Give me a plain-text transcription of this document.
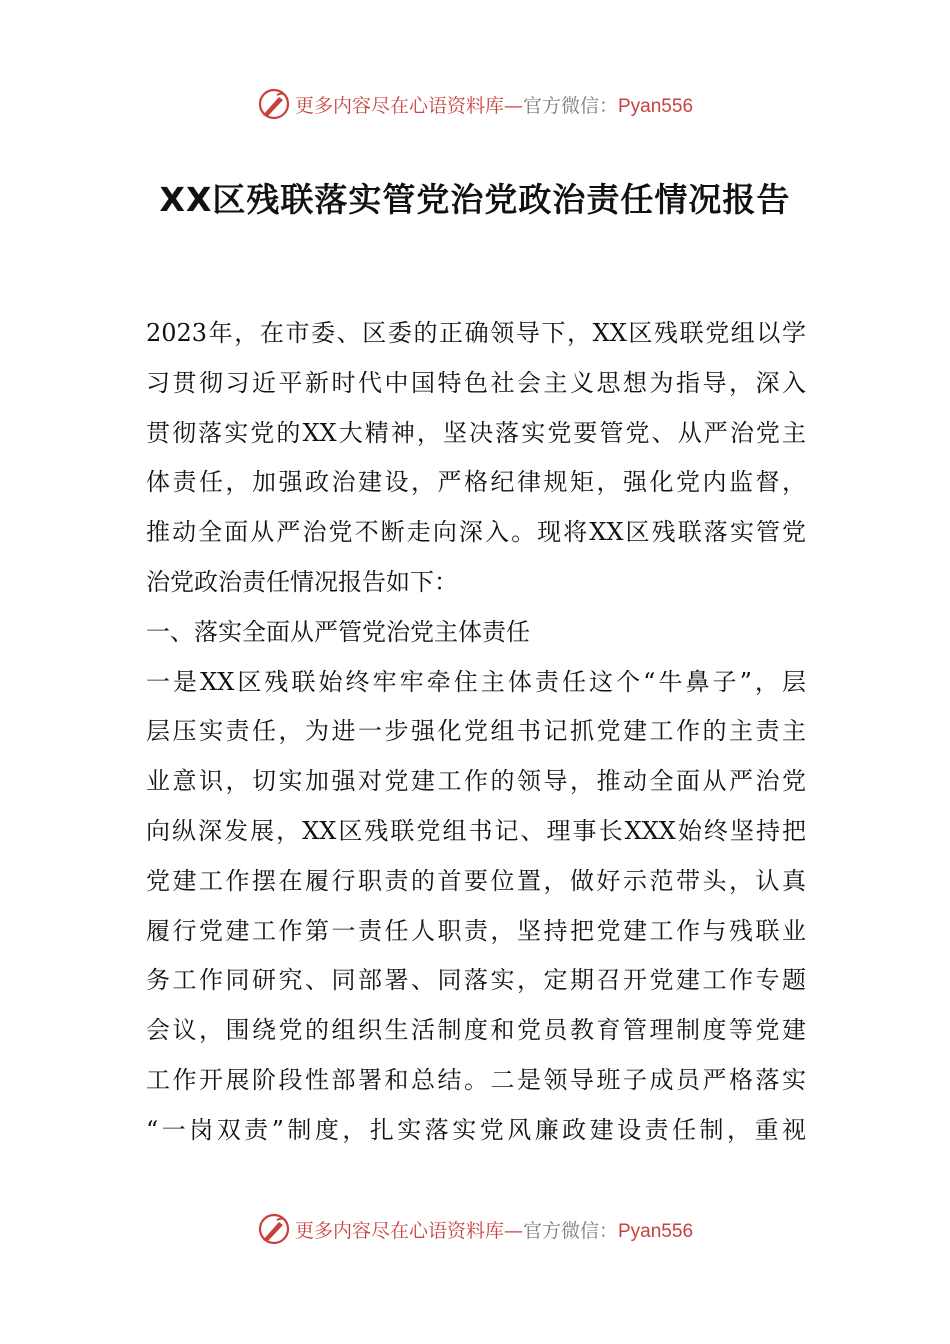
更多内容尽在心语资料库—官方微信：Pyan556
XX区残联落实管党治党政治责任情况报告
2023年，在市委、区委的正确领导下，XX区残联党组以学
习贯彻习近平新时代中国特色社会主义思想为指导，深入
贯彻落实党的XX大精神，坚决落实党要管党、从严治党主
体责任，加强政治建设，严格纪律规矩，强化党内监督，
推动全面从严治党不断走向深入。现将XX区残联落实管党
治党政治责任情况报告如下：
一、落实全面从严管党治党主体责任
一是XX区残联始终牢牢牵住主体责任这个“牛鼻子”，层
层压实责任，为进一步强化党组书记抓党建工作的主责主
业意识，切实加强对党建工作的领导，推动全面从严治党
向纵深发展，XX区残联党组书记、理事长XXX始终坚持把
党建工作摆在履行职责的首要位置，做好示范带头，认真
履行党建工作第一责任人职责，坚持把党建工作与残联业
务工作同研究、同部署、同落实，定期召开党建工作专题
会议，围绕党的组织生活制度和党员教育管理制度等党建
工作开展阶段性部署和总结。二是领导班子成员严格落实
“一岗双责”制度，扎实落实党风廉政建设责任制，重视
更多内容尽在心语资料库—官方微信：Pyan556
